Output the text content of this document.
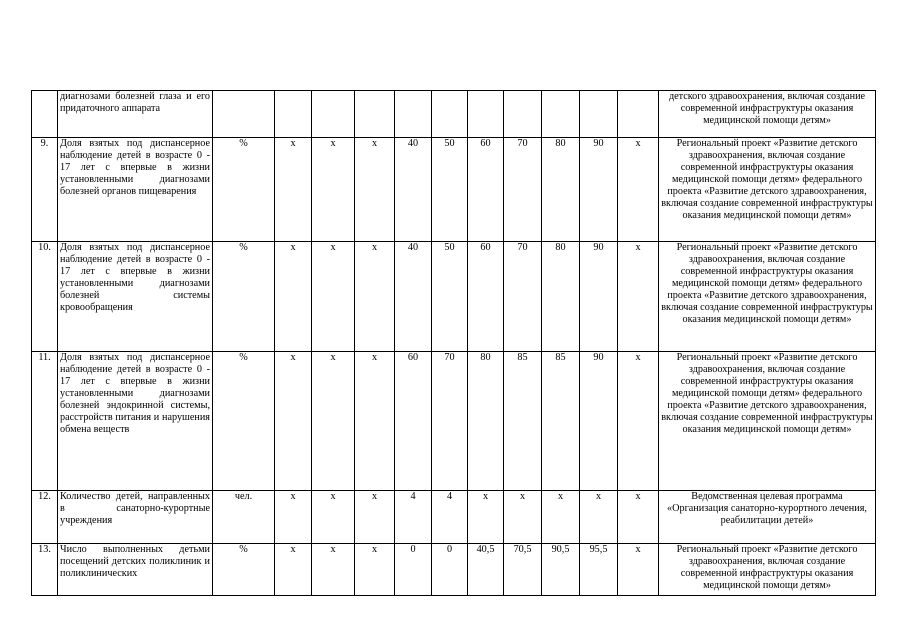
	диагнозами болезней глаза и его придаточного аппарата												детского здравоохранения, включая создание современной инфраструктуры оказания медицинской помощи детям»
9.	Доля взятых под диспансерное наблюдение детей в возрасте 0 - 17 лет с впервые в жизни установленными диагнозами болезней органов пищеварения	%	x	x	x	40	50	60	70	80	90	x	Региональный проект «Развитие детского здравоохранения, включая создание современной инфраструктуры оказания медицинской помощи детям» федерального проекта «Развитие детского здравоохранения, включая создание современной инфраструктуры оказания медицинской помощи детям»
10.	Доля взятых под диспансерное наблюдение детей в возрасте 0 - 17 лет с впервые в жизни установленными диагнозами болезней системы кровообращения	%	x	x	x	40	50	60	70	80	90	x	Региональный проект «Развитие детского здравоохранения, включая создание современной инфраструктуры оказания медицинской помощи детям» федерального проекта «Развитие детского здравоохранения, включая создание современной инфраструктуры оказания медицинской помощи детям»
11.	Доля взятых под диспансерное наблюдение детей в возрасте 0 - 17 лет с впервые в жизни установленными диагнозами болезней эндокринной системы, расстройств питания и нарушения обмена веществ	%	x	x	x	60	70	80	85	85	90	x	Региональный проект «Развитие детского здравоохранения, включая создание современной инфраструктуры оказания медицинской помощи детям» федерального проекта «Развитие детского здравоохранения, включая создание современной инфраструктуры оказания медицинской помощи детям»
12.	Количество детей, направленных в санаторно-курортные учреждения	чел.	x	x	x	4	4	x	x	x	x	x	Ведомственная целевая программа «Организация санаторно-курортного лечения, реабилитации детей»
13.	Число выполненных детьми посещений детских поликлиник и поликлинических	%	x	x	x	0	0	40,5	70,5	90,5	95,5	x	Региональный проект «Развитие детского здравоохранения, включая создание современной инфраструктуры оказания медицинской помощи детям»
